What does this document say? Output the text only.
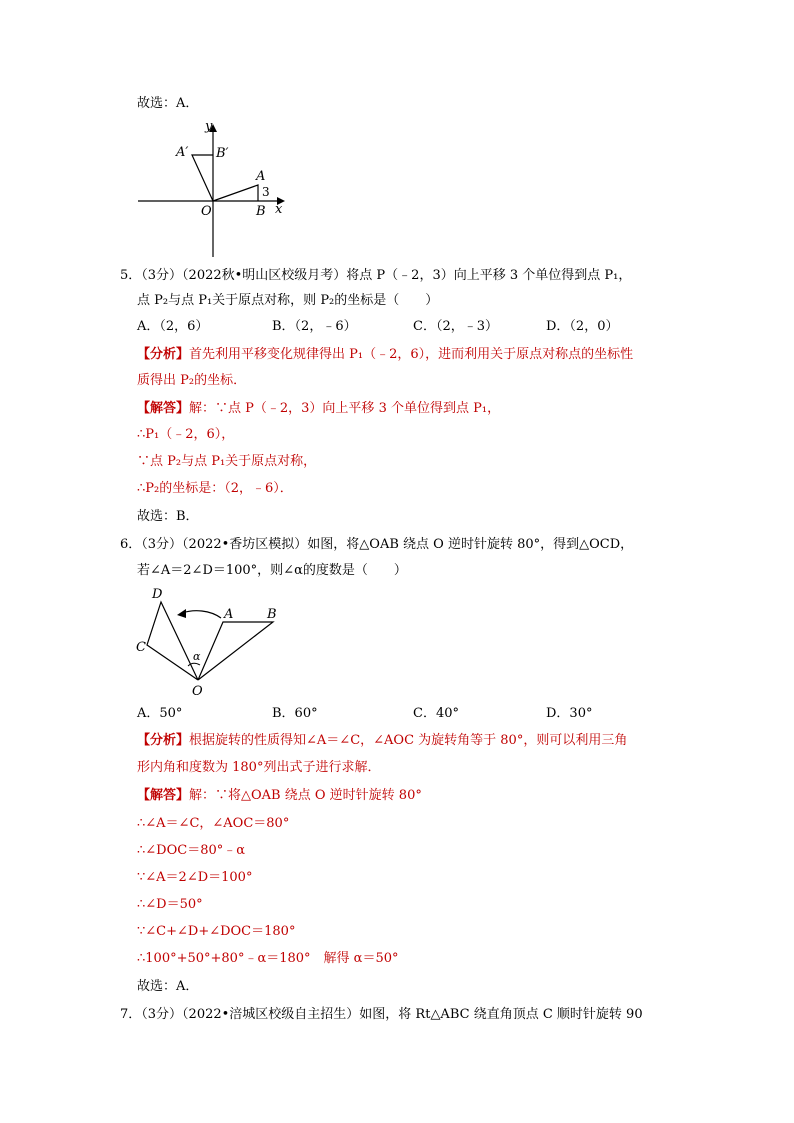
故选：A．
y
x
O
A′ B′
A
B
3
5．（3分）（2022秋•明山区校级月考）将点 P（﹣2，3）向上平移 3 个单位得到点 P₁，
点 P₂与点 P₁关于原点对称，则 P₂的坐标是（　　）
A．（2，6）	B．（2，﹣6）	C．（2，﹣3）	D．（2，0）
【分析】首先利用平移变化规律得出 P₁（﹣2，6），进而利用关于原点对称点的坐标性
质得出 P₂的坐标．
【解答】解：∵点 P（﹣2，3）向上平移 3 个单位得到点 P₁，
∴P₁（﹣2，6），
∵点 P₂与点 P₁关于原点对称，
∴P₂的坐标是：（2，﹣6）．
故选：B．
6．（3分）（2022•香坊区模拟）如图，将△OAB 绕点 O 逆时针旋转 80°，得到△OCD，
若∠A＝2∠D＝100°，则∠α的度数是（　　）
D
C
A	B
O
α
A．50°	B．60°	C．40°	D．30°
【分析】根据旋转的性质得知∠A＝∠C，∠AOC 为旋转角等于 80°，则可以利用三角
形内角和度数为 180°列出式子进行求解．
【解答】解：∵将△OAB 绕点 O 逆时针旋转 80°
∴∠A＝∠C，∠AOC＝80°
∴∠DOC＝80°﹣α
∵∠A＝2∠D＝100°
∴∠D＝50°
∵∠C+∠D+∠DOC＝180°
∴100°+50°+80°﹣α＝180°　解得 α＝50°
故选：A．
7．（3分）（2022•涪城区校级自主招生）如图，将 Rt△ABC 绕直角顶点 C 顺时针旋转 90
